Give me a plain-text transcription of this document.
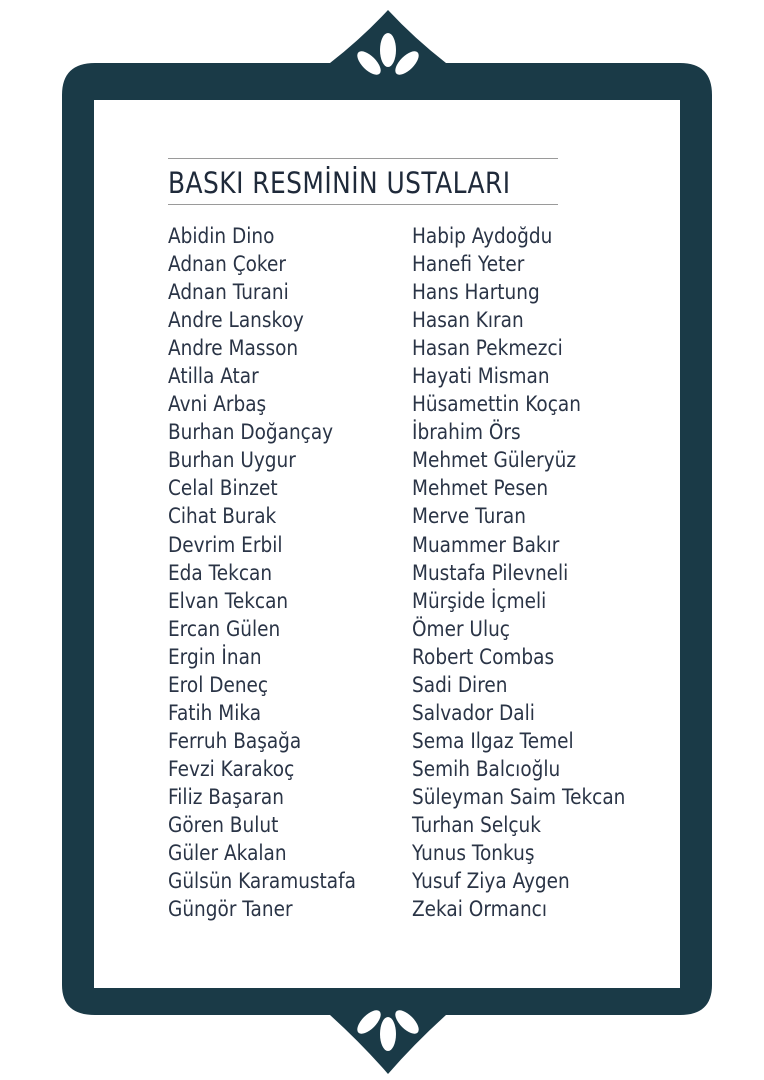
BASKI RESMİNİN USTALARI
Abidin Dino
Adnan Çoker
Adnan Turani
Andre Lanskoy
Andre Masson
Atilla Atar
Avni Arbaş
Burhan Doğançay
Burhan Uygur
Celal Binzet
Cihat Burak
Devrim Erbil
Eda Tekcan
Elvan Tekcan
Ercan Gülen
Ergin İnan
Erol Deneç
Fatih Mika
Ferruh Başağa
Fevzi Karakoç
Filiz Başaran
Gören Bulut
Güler Akalan
Gülsün Karamustafa
Güngör Taner
Habip Aydoğdu
Hanefi Yeter
Hans Hartung
Hasan Kıran
Hasan Pekmezci
Hayati Misman
Hüsamettin Koçan
İbrahim Örs
Mehmet Güleryüz
Mehmet Pesen
Merve Turan
Muammer Bakır
Mustafa Pilevneli
Mürşide İçmeli
Ömer Uluç
Robert Combas
Sadi Diren
Salvador Dali
Sema Ilgaz Temel
Semih Balcıoğlu
Süleyman Saim Tekcan
Turhan Selçuk
Yunus Tonkuş
Yusuf Ziya Aygen
Zekai Ormancı
